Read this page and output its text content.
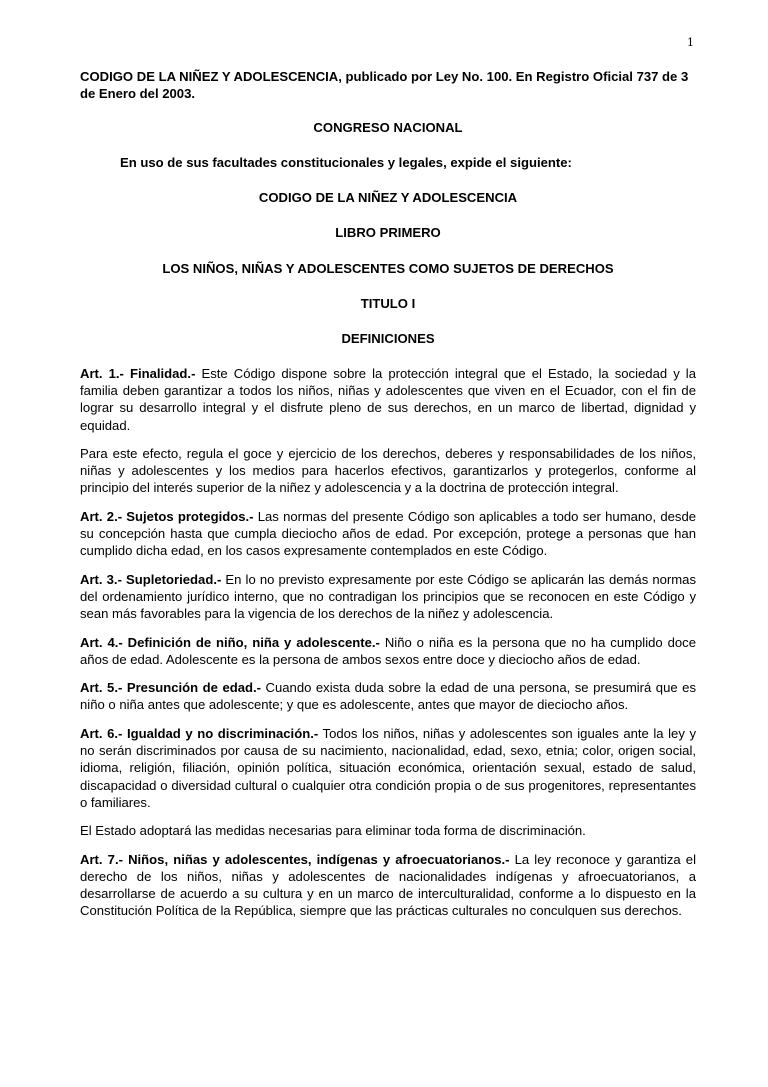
1

CODIGO DE LA NIÑEZ Y ADOLESCENCIA, publicado por Ley No. 100. En Registro Oficial 737 de 3 de Enero del 2003.

CONGRESO NACIONAL

En uso de sus facultades constitucionales y legales, expide el siguiente:

CODIGO DE LA NIÑEZ Y ADOLESCENCIA

LIBRO PRIMERO

LOS NIÑOS, NIÑAS Y ADOLESCENTES COMO SUJETOS DE DERECHOS

TITULO I

DEFINICIONES

Art. 1.- Finalidad.- Este Código dispone sobre la protección integral que el Estado, la sociedad y la familia deben garantizar a todos los niños, niñas y adolescentes que viven en el Ecuador, con el fin de lograr su desarrollo integral y el disfrute pleno de sus derechos, en un marco de libertad, dignidad y equidad.

Para este efecto, regula el goce y ejercicio de los derechos, deberes y responsabilidades de los niños, niñas y adolescentes y los medios para hacerlos efectivos, garantizarlos y protegerlos, conforme al principio del interés superior de la niñez y adolescencia y a la doctrina de protección integral.

Art. 2.- Sujetos protegidos.- Las normas del presente Código son aplicables a todo ser humano, desde su concepción hasta que cumpla dieciocho años de edad. Por excepción, protege a personas que han cumplido dicha edad, en los casos expresamente contemplados en este Código.

Art. 3.- Supletoriedad.- En lo no previsto expresamente por este Código se aplicarán las demás normas del ordenamiento jurídico interno, que no contradigan los principios que se reconocen en este Código y sean más favorables para la vigencia de los derechos de la niñez y adolescencia.

Art. 4.- Definición de niño, niña y adolescente.- Niño o niña es la persona que no ha cumplido doce años de edad. Adolescente es la persona de ambos sexos entre doce y dieciocho años de edad.

Art. 5.- Presunción de edad.- Cuando exista duda sobre la edad de una persona, se presumirá que es niño o niña antes que adolescente; y que es adolescente, antes que mayor de dieciocho años.

Art. 6.- Igualdad y no discriminación.- Todos los niños, niñas y adolescentes son iguales ante la ley y no serán discriminados por causa de su nacimiento, nacionalidad, edad, sexo, etnia; color, origen social, idioma, religión, filiación, opinión política, situación económica, orientación sexual, estado de salud, discapacidad o diversidad cultural o cualquier otra condición propia o de sus progenitores, representantes o familiares.

El Estado adoptará las medidas necesarias para eliminar toda forma de discriminación.

Art. 7.- Niños, niñas y adolescentes, indígenas y afroecuatorianos.- La ley reconoce y garantiza el derecho de los niños, niñas y adolescentes de nacionalidades indígenas y afroecuatorianos, a desarrollarse de acuerdo a su cultura y en un marco de interculturalidad, conforme a lo dispuesto en la Constitución Política de la República, siempre que las prácticas culturales no conculquen sus derechos.
